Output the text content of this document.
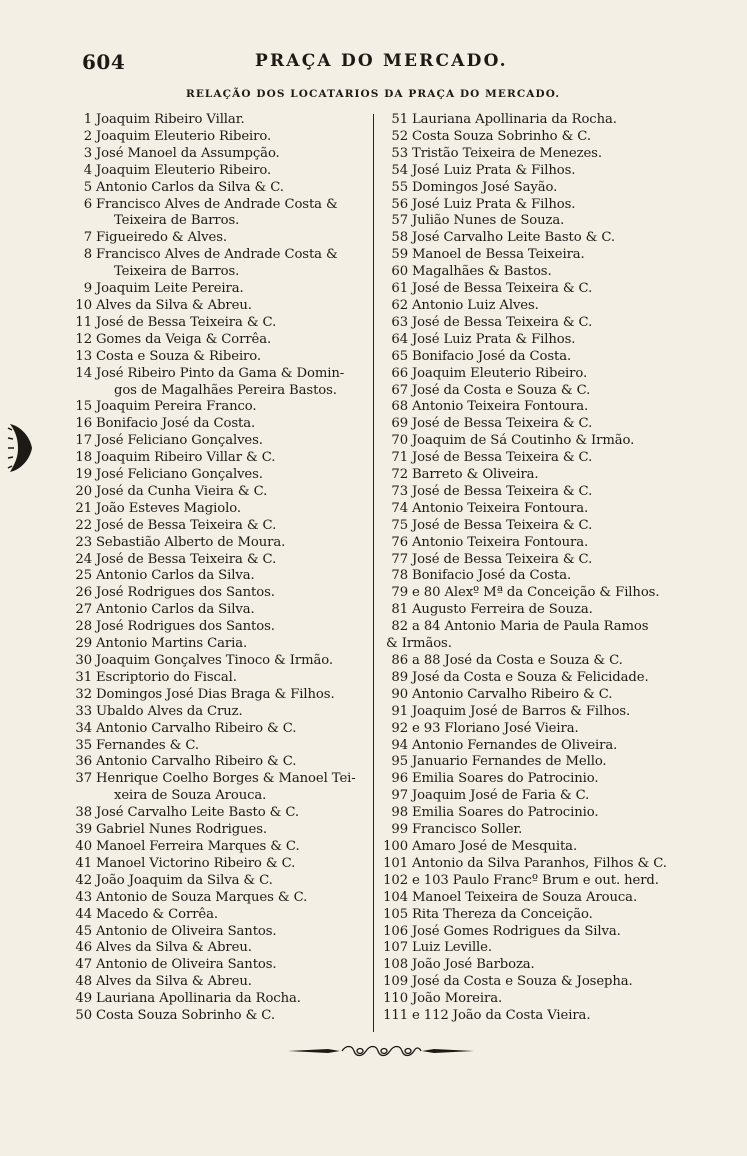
604	PRAÇA DO MERCADO.
RELAÇÃO DOS LOCATARIOS DA PRAÇA DO MERCADO.
1 Joaquim Ribeiro Villar.
2 Joaquim Eleuterio Ribeiro.
3 José Manoel da Assumpção.
4 Joaquim Eleuterio Ribeiro.
5 Antonio Carlos da Silva & C.
6 Francisco Alves de Andrade Costa &
Teixeira de Barros.
7 Figueiredo & Alves.
8 Francisco Alves de Andrade Costa &
Teixeira de Barros.
9 Joaquim Leite Pereira.
10 Alves da Silva & Abreu.
11 José de Bessa Teixeira & C.
12 Gomes da Veiga & Corrêa.
13 Costa e Souza & Ribeiro.
14 José Ribeiro Pinto da Gama & Domin-
gos de Magalhães Pereira Bastos.
15 Joaquim Pereira Franco.
16 Bonifacio José da Costa.
17 José Feliciano Gonçalves.
18 Joaquim Ribeiro Villar & C.
19 José Feliciano Gonçalves.
20 José da Cunha Vieira & C.
21 João Esteves Magiolo.
22 José de Bessa Teixeira & C.
23 Sebastião Alberto de Moura.
24 José de Bessa Teixeira & C.
25 Antonio Carlos da Silva.
26 José Rodrigues dos Santos.
27 Antonio Carlos da Silva.
28 José Rodrigues dos Santos.
29 Antonio Martins Caria.
30 Joaquim Gonçalves Tinoco & Irmão.
31 Escriptorio do Fiscal.
32 Domingos José Dias Braga & Filhos.
33 Ubaldo Alves da Cruz.
34 Antonio Carvalho Ribeiro & C.
35 Fernandes & C.
36 Antonio Carvalho Ribeiro & C.
37 Henrique Coelho Borges & Manoel Tei-
xeira de Souza Arouca.
38 José Carvalho Leite Basto & C.
39 Gabriel Nunes Rodrigues.
40 Manoel Ferreira Marques & C.
41 Manoel Victorino Ribeiro & C.
42 João Joaquim da Silva & C.
43 Antonio de Souza Marques & C.
44 Macedo & Corrêa.
45 Antonio de Oliveira Santos.
46 Alves da Silva & Abreu.
47 Antonio de Oliveira Santos.
48 Alves da Silva & Abreu.
49 Lauriana Apollinaria da Rocha.
50 Costa Souza Sobrinho & C.
51 Lauriana Apollinaria da Rocha.
52 Costa Souza Sobrinho & C.
53 Tristão Teixeira de Menezes.
54 José Luiz Prata & Filhos.
55 Domingos José Sayão.
56 José Luiz Prata & Filhos.
57 Julião Nunes de Souza.
58 José Carvalho Leite Basto & C.
59 Manoel de Bessa Teixeira.
60 Magalhães & Bastos.
61 José de Bessa Teixeira & C.
62 Antonio Luiz Alves.
63 José de Bessa Teixeira & C.
64 José Luiz Prata & Filhos.
65 Bonifacio José da Costa.
66 Joaquim Eleuterio Ribeiro.
67 José da Costa e Souza & C.
68 Antonio Teixeira Fontoura.
69 José de Bessa Teixeira & C.
70 Joaquim de Sá Coutinho & Irmão.
71 José de Bessa Teixeira & C.
72 Barreto & Oliveira.
73 José de Bessa Teixeira & C.
74 Antonio Teixeira Fontoura.
75 José de Bessa Teixeira & C.
76 Antonio Teixeira Fontoura.
77 José de Bessa Teixeira & C.
78 Bonifacio José da Costa.
79 e 80 Alexº Mª da Conceição & Filhos.
81 Augusto Ferreira de Souza.
82 a 84 Antonio Maria de Paula Ramos
& Irmãos.
86 a 88 José da Costa e Souza & C.
89 José da Costa e Souza & Felicidade.
90 Antonio Carvalho Ribeiro & C.
91 Joaquim José de Barros & Filhos.
92 e 93 Floriano José Vieira.
94 Antonio Fernandes de Oliveira.
95 Januario Fernandes de Mello.
96 Emilia Soares do Patrocinio.
97 Joaquim José de Faria & C.
98 Emilia Soares do Patrocinio.
99 Francisco Soller.
100 Amaro José de Mesquita.
101 Antonio da Silva Paranhos, Filhos & C.
102 e 103 Paulo Francº Brum e out. herd.
104 Manoel Teixeira de Souza Arouca.
105 Rita Thereza da Conceição.
106 José Gomes Rodrigues da Silva.
107 Luiz Leville.
108 João José Barboza.
109 José da Costa e Souza & Josepha.
110 João Moreira.
111 e 112 João da Costa Vieira.
